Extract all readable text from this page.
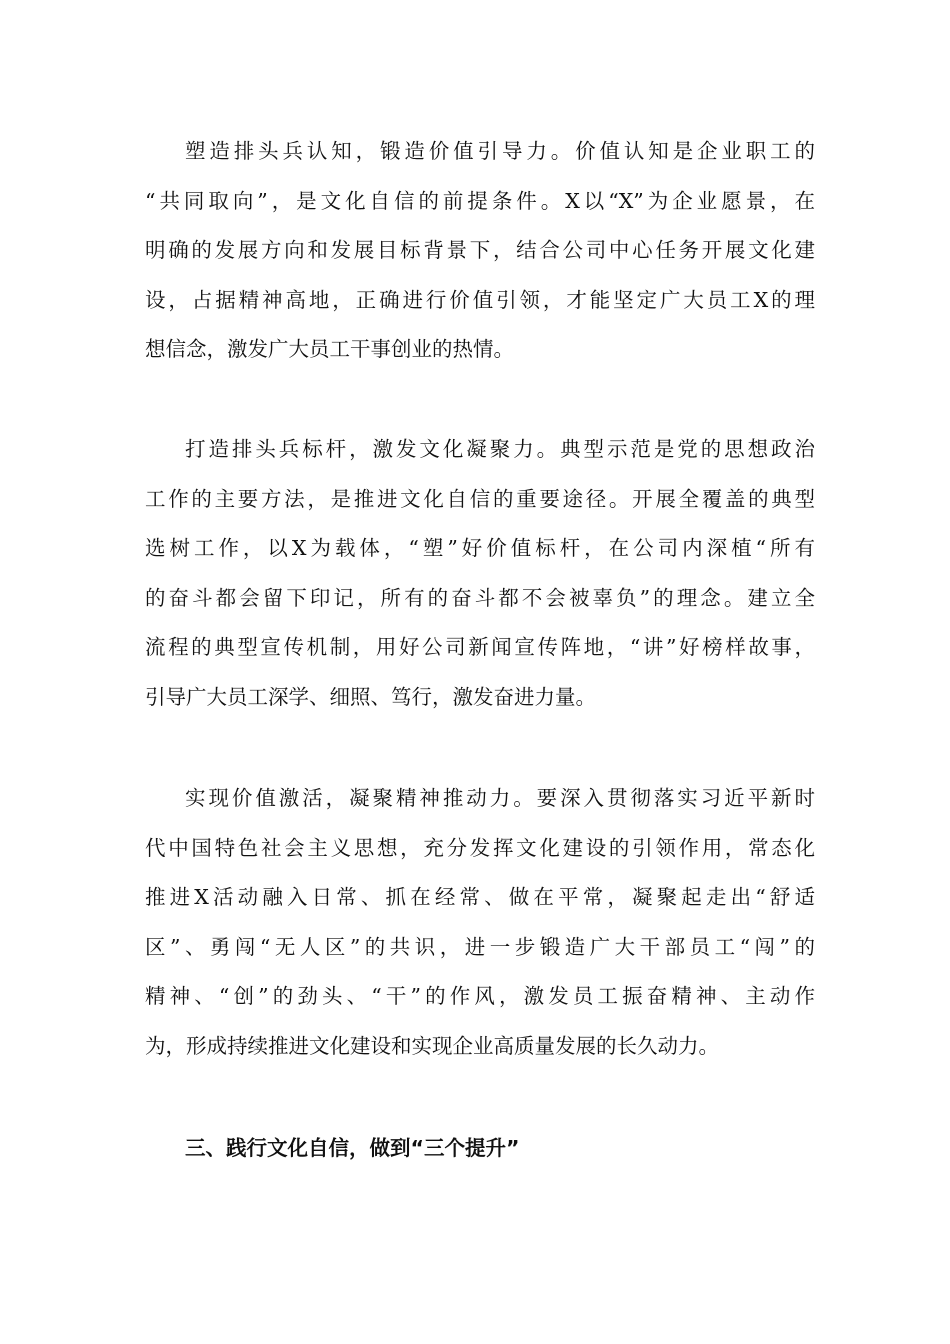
塑造排头兵认知，锻造价值引导力。价值认知是企业职工的
“共同取向”，是文化自信的前提条件。X以“X”为企业愿景，在
明确的发展方向和发展目标背景下，结合公司中心任务开展文化建
设，占据精神高地，正确进行价值引领，才能坚定广大员工X的理
想信念，激发广大员工干事创业的热情。
打造排头兵标杆，激发文化凝聚力。典型示范是党的思想政治
工作的主要方法，是推进文化自信的重要途径。开展全覆盖的典型
选树工作，以X为载体，“塑”好价值标杆，在公司内深植“所有
的奋斗都会留下印记，所有的奋斗都不会被辜负”的理念。建立全
流程的典型宣传机制，用好公司新闻宣传阵地，“讲”好榜样故事，
引导广大员工深学、细照、笃行，激发奋进力量。
实现价值激活，凝聚精神推动力。要深入贯彻落实习近平新时
代中国特色社会主义思想，充分发挥文化建设的引领作用，常态化
推进X活动融入日常、抓在经常、做在平常，凝聚起走出“舒适
区”、勇闯“无人区”的共识，进一步锻造广大干部员工“闯”的
精神、“创”的劲头、“干”的作风，激发员工振奋精神、主动作
为，形成持续推进文化建设和实现企业高质量发展的长久动力。
三、践行文化自信，做到“三个提升”
